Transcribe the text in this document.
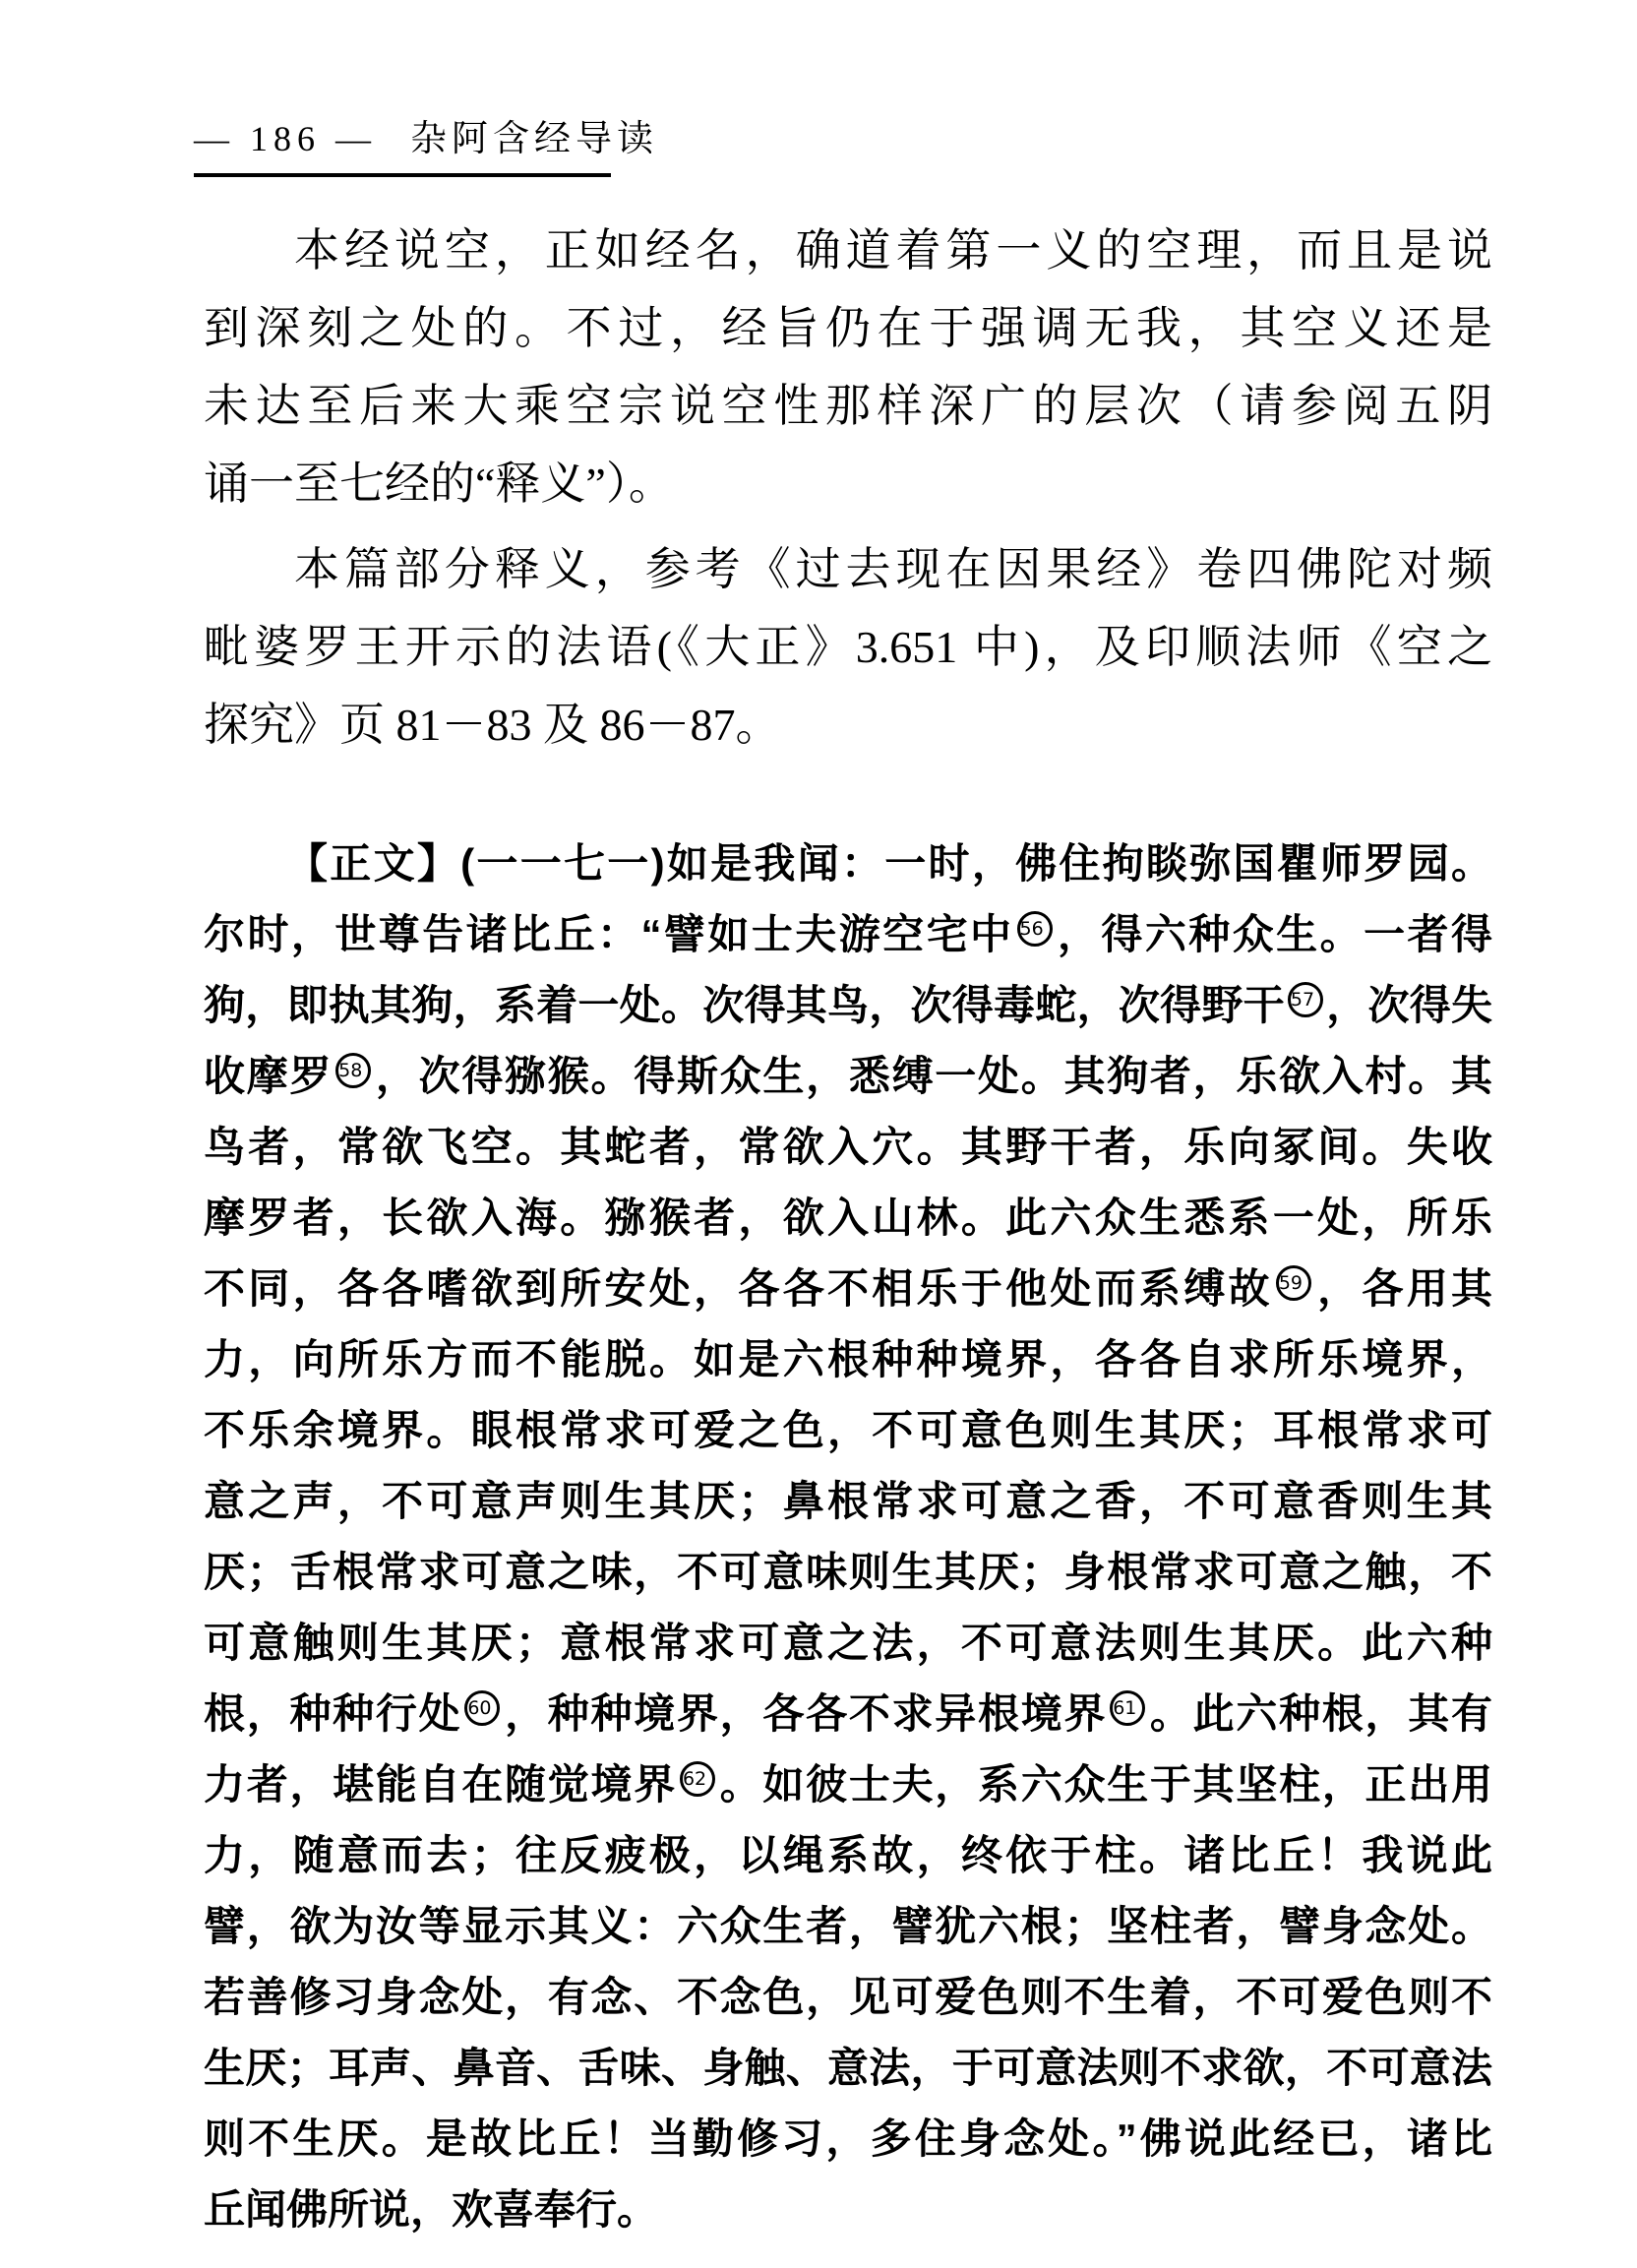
— 186 — 杂阿含经导读
本经说空，正如经名，确道着第一义的空理，而且是说
到深刻之处的。不过，经旨仍在于强调无我，其空义还是
未达至后来大乘空宗说空性那样深广的层次（请参阅五阴
诵一至七经的“释义”）。
本篇部分释义，参考《过去现在因果经》卷四佛陀对频
毗婆罗王开示的法语(《大正》3.651 中)，及印顺法师《空之
探究》页 81－83 及 86－87。
【正文】(一一七一)如是我闻：一时，佛住拘睒弥国瞿师罗园。
尔时，世尊告诸比丘：“譬如士夫游空宅中 56 ，得六种众生。一者得
狗，即执其狗，系着一处。次得其鸟，次得毒蛇，次得野干 57 ，次得失
收摩罗 58 ，次得猕猴。得斯众生，悉缚一处。其狗者，乐欲入村。其
鸟者，常欲飞空。其蛇者，常欲入穴。其野干者，乐向冢间。失收
摩罗者，长欲入海。猕猴者，欲入山林。此六众生悉系一处，所乐
不同，各各嗜欲到所安处，各各不相乐于他处而系缚故 59 ，各用其
力，向所乐方而不能脱。如是六根种种境界，各各自求所乐境界，
不乐余境界。眼根常求可爱之色，不可意色则生其厌；耳根常求可
意之声，不可意声则生其厌；鼻根常求可意之香，不可意香则生其
厌；舌根常求可意之味，不可意味则生其厌；身根常求可意之触，不
可意触则生其厌；意根常求可意之法，不可意法则生其厌。此六种
根，种种行处 60 ，种种境界，各各不求异根境界 61 。此六种根，其有
力者，堪能自在随觉境界 62 。如彼士夫，系六众生于其坚柱，正出用
力，随意而去；往反疲极，以绳系故，终依于柱。诸比丘！我说此
譬，欲为汝等显示其义：六众生者，譬犹六根；坚柱者，譬身念处。
若善修习身念处，有念、不念色，见可爱色则不生着，不可爱色则不
生厌；耳声、鼻音、舌味、身触、意法，于可意法则不求欲，不可意法
则不生厌。是故比丘！当勤修习，多住身念处。”佛说此经已，诸比
丘闻佛所说，欢喜奉行。
